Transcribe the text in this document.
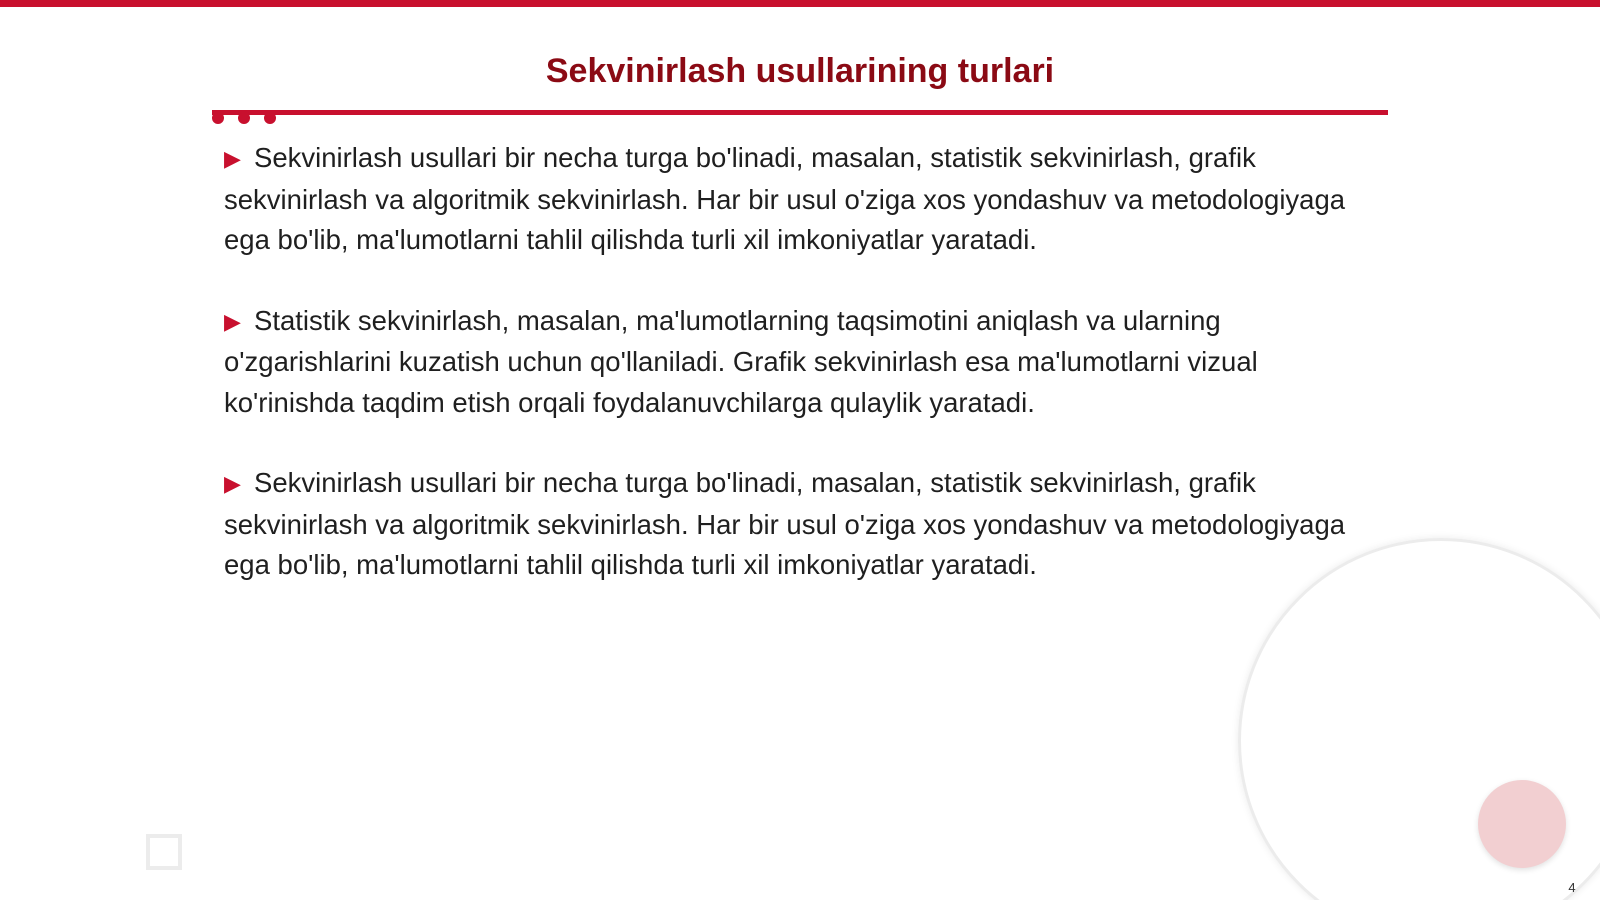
Sekvinirlash usullarining turlari

▶ Sekvinirlash usullari bir necha turga bo'linadi, masalan, statistik sekvinirlash, grafik sekvinirlash va algoritmik sekvinirlash. Har bir usul o'ziga xos yondashuv va metodologiyaga ega bo'lib, ma'lumotlarni tahlil qilishda turli xil imkoniyatlar yaratadi.

▶ Statistik sekvinirlash, masalan, ma'lumotlarning taqsimotini aniqlash va ularning o'zgarishlarini kuzatish uchun qo'llaniladi. Grafik sekvinirlash esa ma'lumotlarni vizual ko'rinishda taqdim etish orqali foydalanuvchilarga qulaylik yaratadi.

▶ Sekvinirlash usullari bir necha turga bo'linadi, masalan, statistik sekvinirlash, grafik sekvinirlash va algoritmik sekvinirlash. Har bir usul o'ziga xos yondashuv va metodologiyaga ega bo'lib, ma'lumotlarni tahlil qilishda turli xil imkoniyatlar yaratadi.

4
